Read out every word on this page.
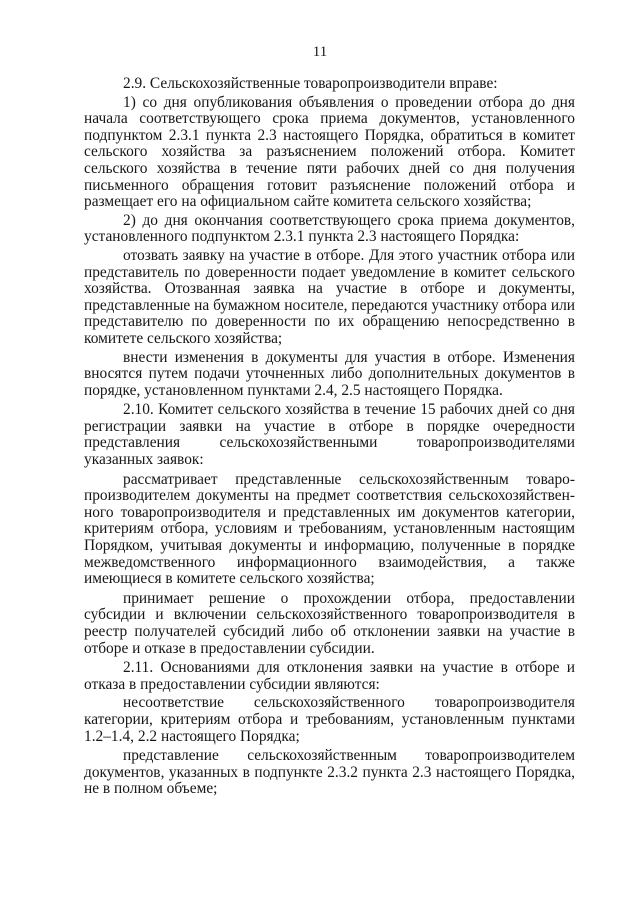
11

2.9. Сельскохозяйственные товаропроизводители вправе:

1) со дня опубликования объявления о проведении отбора до дня начала соответствующего срока приема документов, установленного подпунктом 2.3.1 пункта 2.3 настоящего Порядка, обратиться в комитет сельского хозяйства за разъяснением положений отбора. Комитет сельского хозяйства в течение пяти рабочих дней со дня получения письменного обращения готовит разъяснение положений отбора и размещает его на официальном сайте комитета сельского хозяйства;

2) до дня окончания соответствующего срока приема документов, установленного подпунктом 2.3.1 пункта 2.3 настоящего Порядка:

отозвать заявку на участие в отборе. Для этого участник отбора или представитель по доверенности подает уведомление в комитет сельского хозяйства. Отозванная заявка на участие в отборе и документы, представленные на бумажном носителе, передаются участнику отбора или представителю по доверенности по их обращению непосредственно в комитете сельского хозяйства;

внести изменения в документы для участия в отборе. Изменения вносятся путем подачи уточненных либо дополнительных документов в порядке, установленном пунктами 2.4, 2.5 настоящего Порядка.

2.10. Комитет сельского хозяйства в течение 15 рабочих дней со дня регистрации заявки на участие в отборе в порядке очередности представления сельскохозяйственными товаропроизводителями указанных заявок:

рассматривает представленные сельскохозяйственным товаро-производителем документы на предмет соответствия сельскохозяйствен-ного товаропроизводителя и представленных им документов категории, критериям отбора, условиям и требованиям, установленным настоящим Порядком, учитывая документы и информацию, полученные в порядке межведомственного информационного взаимодействия, а также имеющиеся в комитете сельского хозяйства;

принимает решение о прохождении отбора, предоставлении субсидии и включении сельскохозяйственного товаропроизводителя в реестр получателей субсидий либо об отклонении заявки на участие в отборе и отказе в предоставлении субсидии.

2.11. Основаниями для отклонения заявки на участие в отборе и отказа в предоставлении субсидии являются:

несоответствие сельскохозяйственного товаропроизводителя категории, критериям отбора и требованиям, установленным пунктами 1.2–1.4, 2.2 настоящего Порядка;

представление сельскохозяйственным товаропроизводителем документов, указанных в подпункте 2.3.2 пункта 2.3 настоящего Порядка, не в полном объеме;
